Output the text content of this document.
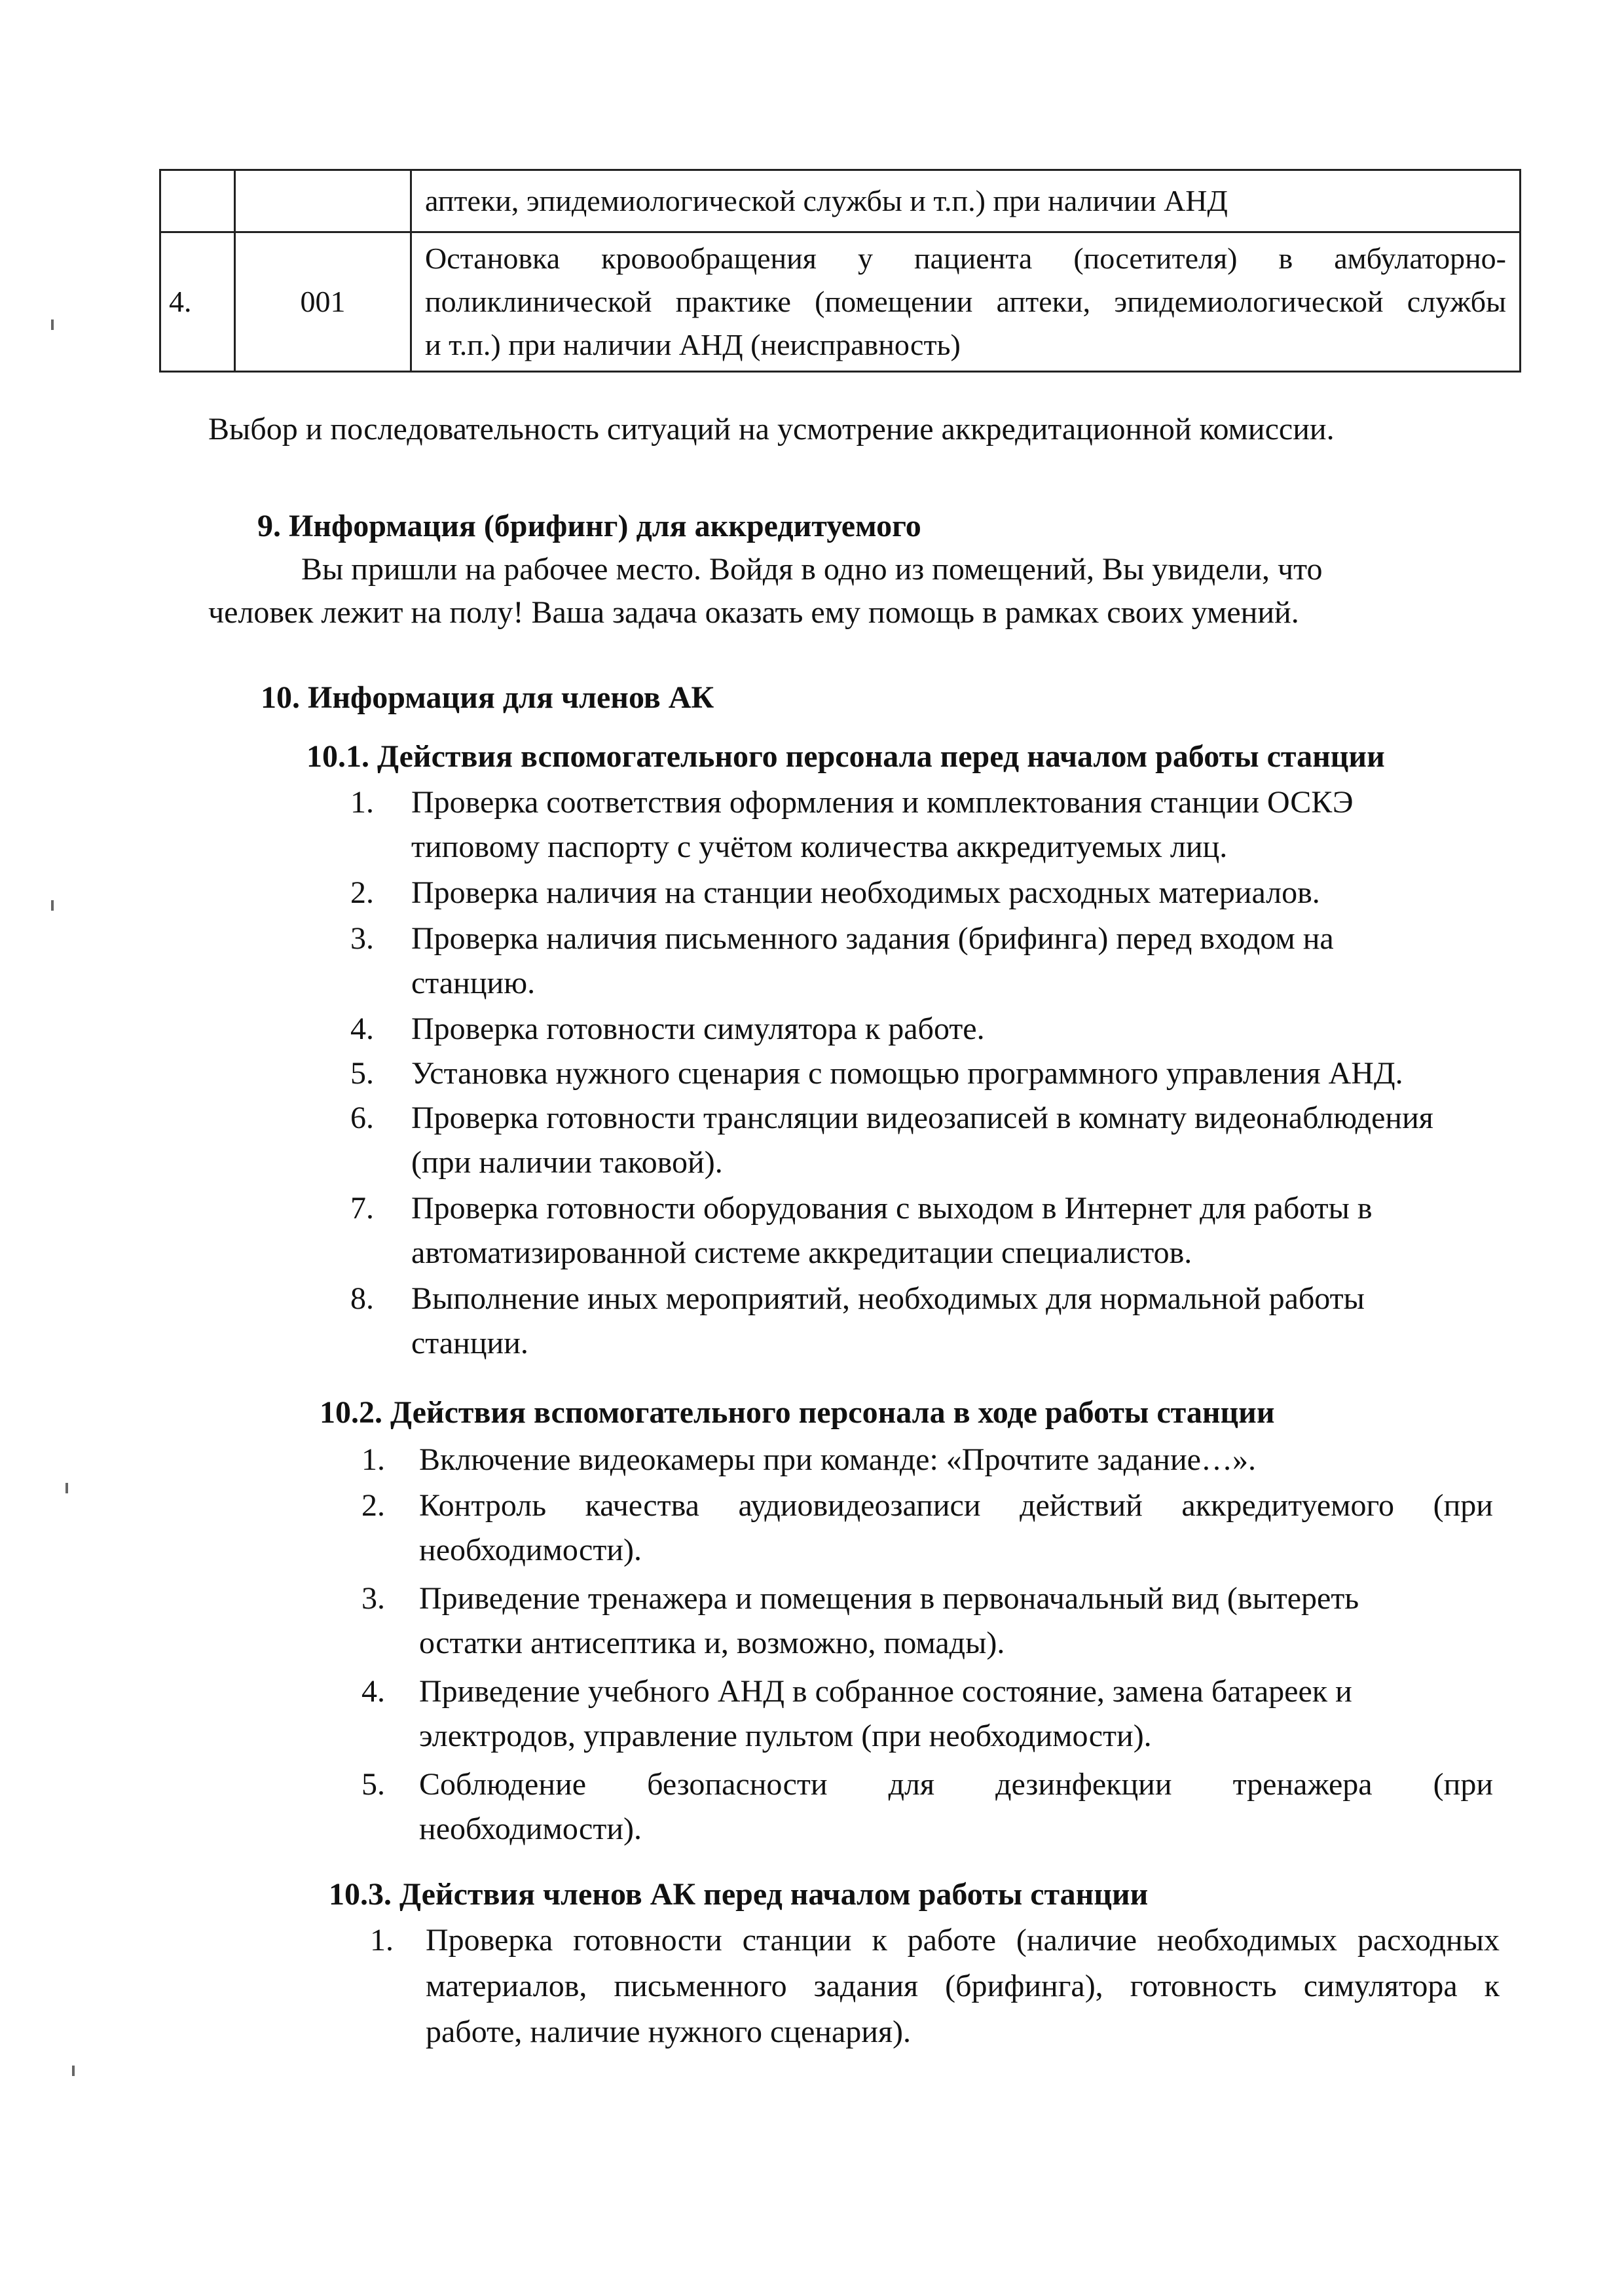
		аптеки, эпидемиологической службы и т.п.) при наличии АНД
4.	001	Остановка кровообращения у пациента (посетителя) в амбулаторно-
поликлинической практике (помещении аптеки, эпидемиологической службы
и т.п.) при наличии АНД (неисправность)
Выбор и последовательность ситуаций на усмотрение аккредитационной комиссии.
9. Информация (брифинг) для аккредитуемого
Вы пришли на рабочее место. Войдя в одно из помещений, Вы увидели, что
человек лежит на полу! Ваша задача оказать ему помощь в рамках своих умений.
10. Информация для членов АК
10.1. Действия вспомогательного персонала перед началом работы станции
1. Проверка соответствия оформления и комплектования станции ОСКЭ
типовому паспорту с учётом количества аккредитуемых лиц.
2. Проверка наличия на станции необходимых расходных материалов.
3. Проверка наличия письменного задания (брифинга) перед входом на
станцию.
4. Проверка готовности симулятора к работе.
5. Установка нужного сценария с помощью программного управления АНД.
6. Проверка готовности трансляции видеозаписей в комнату видеонаблюдения
(при наличии таковой).
7. Проверка готовности оборудования с выходом в Интернет для работы в
автоматизированной системе аккредитации специалистов.
8. Выполнение иных мероприятий, необходимых для нормальной работы
станции.
10.2. Действия вспомогательного персонала в ходе работы станции
1. Включение видеокамеры при команде: «Прочтите задание…».
2. Контроль качества аудиовидеозаписи действий аккредитуемого (при
необходимости).
3. Приведение тренажера и помещения в первоначальный вид (вытереть
остатки антисептика и, возможно, помады).
4. Приведение учебного АНД в собранное состояние, замена батареек и
электродов, управление пультом (при необходимости).
5. Соблюдение безопасности для дезинфекции тренажера (при
необходимости).
10.3. Действия членов АК перед началом работы станции
1. Проверка готовности станции к работе (наличие необходимых расходных
материалов, письменного задания (брифинга), готовность симулятора к
работе, наличие нужного сценария).
